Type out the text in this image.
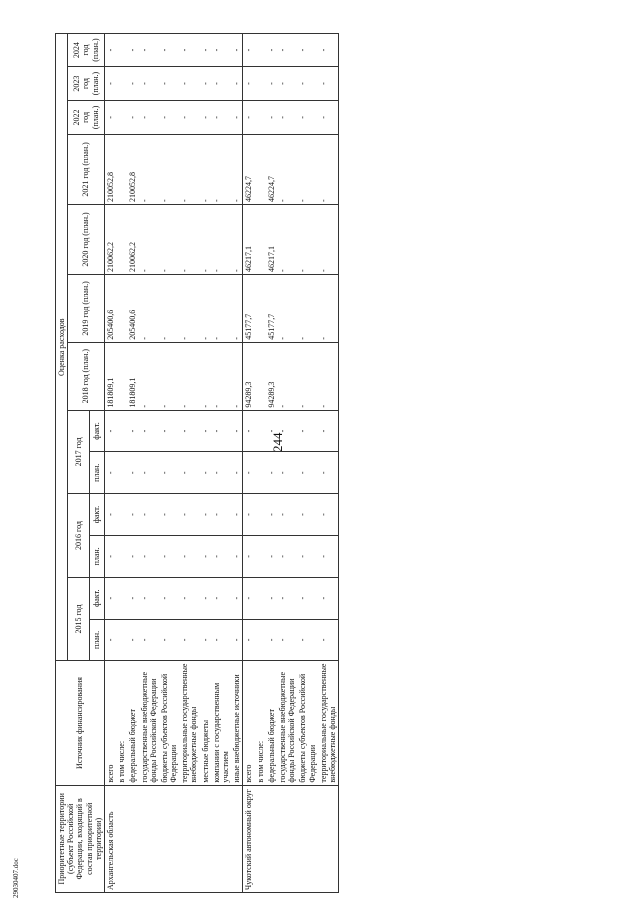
244
29030407.doc	Приоритетные территории (субъект Российской Федерации, входящий в состав приоритетной территории)	Источник финансирования	Оценка расходов												
		2015 год		2016 год		2017 год		2018 год (план.)	2019 год (план.)	2020 год (план.)	2021 год (план.)	2022 год (план.)	2023 год (план.)	2024 год (план.)
		план.	факт.	план.	факт.	план.	факт.							
Архангельская область	всего	-	-	-	-	-	-	181809,1	205400,6	210062,2	210052,8	-	-	-
	в том числе:													
	федеральный бюджет	-	-	-	-	-	-	181809,1	205400,6	210062,2	210052,8	-	-	-
	государственные внебюджетные фонды Российской Федерации	-	-	-	-	-	-	-	-	-	-	-	-	-
	бюджеты субъектов Российской Федерации	-	-	-	-	-	-	-	-	-	-	-	-	-
	территориальные государственные внебюджетные фонды	-	-	-	-	-	-	-	-	-	-	-	-	-
	местные бюджеты	-	-	-	-	-	-	-	-	-	-	-	-	-
	компании с государственным участием	-	-	-	-	-	-	-	-	-	-	-	-	-
	иные внебюджетные источники	-	-	-	-	-	-	-	-	-	-	-	-	-
Чукотский автономный округ	всего	-	-	-	-	-	-	94289,3	45177,7	46217,1	46224,7	-	-	-
	в том числе:													
	федеральный бюджет	-	-	-	-	-	-	94289,3	45177,7	46217,1	46224,7	-	-	-
	государственные внебюджетные фонды Российской Федерации	-	-	-	-	-	-	-	-	-	-	-	-	-
	бюджеты субъектов Российской Федерации	-	-	-	-	-	-	-	-	-	-	-	-	-
	территориальные государственные внебюджетные фонды	-	-	-	-	-	-	-	-	-	-	-	-	-
